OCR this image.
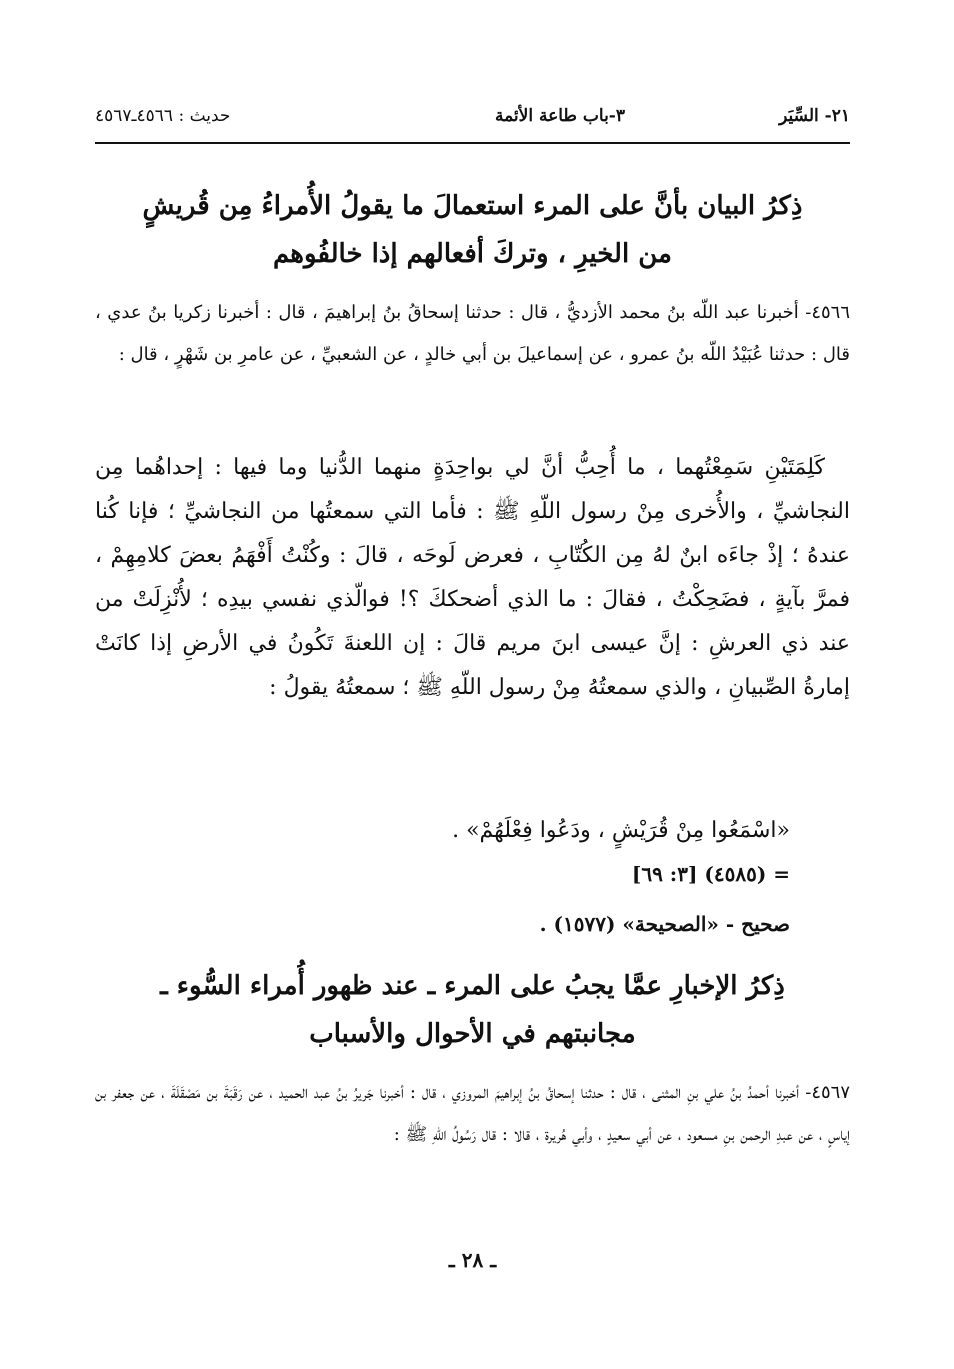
٢١- السِّيَر
٣-باب طاعة الأئمة
حديث : ٤٥٦٦ـ٤٥٦٧
ذِكرُ البيان بأنَّ على المرء استعمالَ ما يقولُ الأُمراءُ مِن قُريشٍ من الخيرِ ، وتركَ أفعالهم إذا خالفُوهم
٤٥٦٦- أخبرنا عبد اللّه بنُ محمد الأزديُّ ، قال : حدثنا إسحاقُ بنُ إبراهيمَ ، قال : أخبرنا زكريا بنُ عدي ، قال : حدثنا عُبَيْدُ اللّه بنُ عمرو ، عن إسماعيلَ بن أبي خالدٍ ، عن الشعبيِّ ، عن عامرِ بن شَهْرٍ ، قال :
كَلِمَتَيْنِ سَمِعْتُهما ، ما أُحِبُّ أنَّ لي بواحِدَةٍ منهما الدُّنيا وما فيها : إحداهُما مِن النجاشيِّ ، والأُخرى مِنْ رسول اللّهِ ﷺ : فأما التي سمعتُها من النجاشيِّ ؛ فإنا كُنا عندهُ ؛ إذْ جاءَه ابنٌ لهُ مِن الكُتّابِ ، فعرض لَوحَه ، قالَ : وكُنْتُ أَفْهَمُ بعضَ كلامِهِمْ ، فمرَّ بآيةٍ ، فضَحِكْتُ ، فقالَ : ما الذي أضحككَ ؟! فوالّذي نفسي بيدِه ؛ لأُنْزِلَتْ من عند ذي العرشِ : إنَّ عيسى ابنَ مريم قالَ : إن اللعنةَ تَكُونُ في الأرضِ إذا كانَتْ إمارةُ الصِّبيانِ ، والذي سمعتُهُ مِنْ رسول اللّهِ ﷺ ؛ سمعتُهُ يقولُ :
«اسْمَعُوا مِنْ قُرَيْشٍ ، ودَعُوا فِعْلَهُمْ» .
= (٤٥٨٥) [٣: ٦٩]
صحيح - «الصحيحة» (١٥٧٧) .
ذِكرُ الإخبارِ عمَّا يجبُ على المرء ـ عند ظهور أُمراء السُّوء ـ مجانبتهم في الأحوال والأسباب
٤٥٦٧- أخبرنا أحمدُ بنُ علي بنِ المثنى ، قال : حدثنا إسحاقُ بنُ إبراهيمَ المروزي ، قال : أخبرنا جَريرُ بنُ عبد الحميد ، عن رَقَبَةَ بن مَصْقَلَةَ ، عن جعفر بن إياسٍ ، عن عبدِ الرحمن بنِ مسعود ، عن أبي سعيدٍ ، وأبي هُريرة ، قالا : قال رَسُولُ اللّهِ ﷺ :
ـ ٢٨ ـ
